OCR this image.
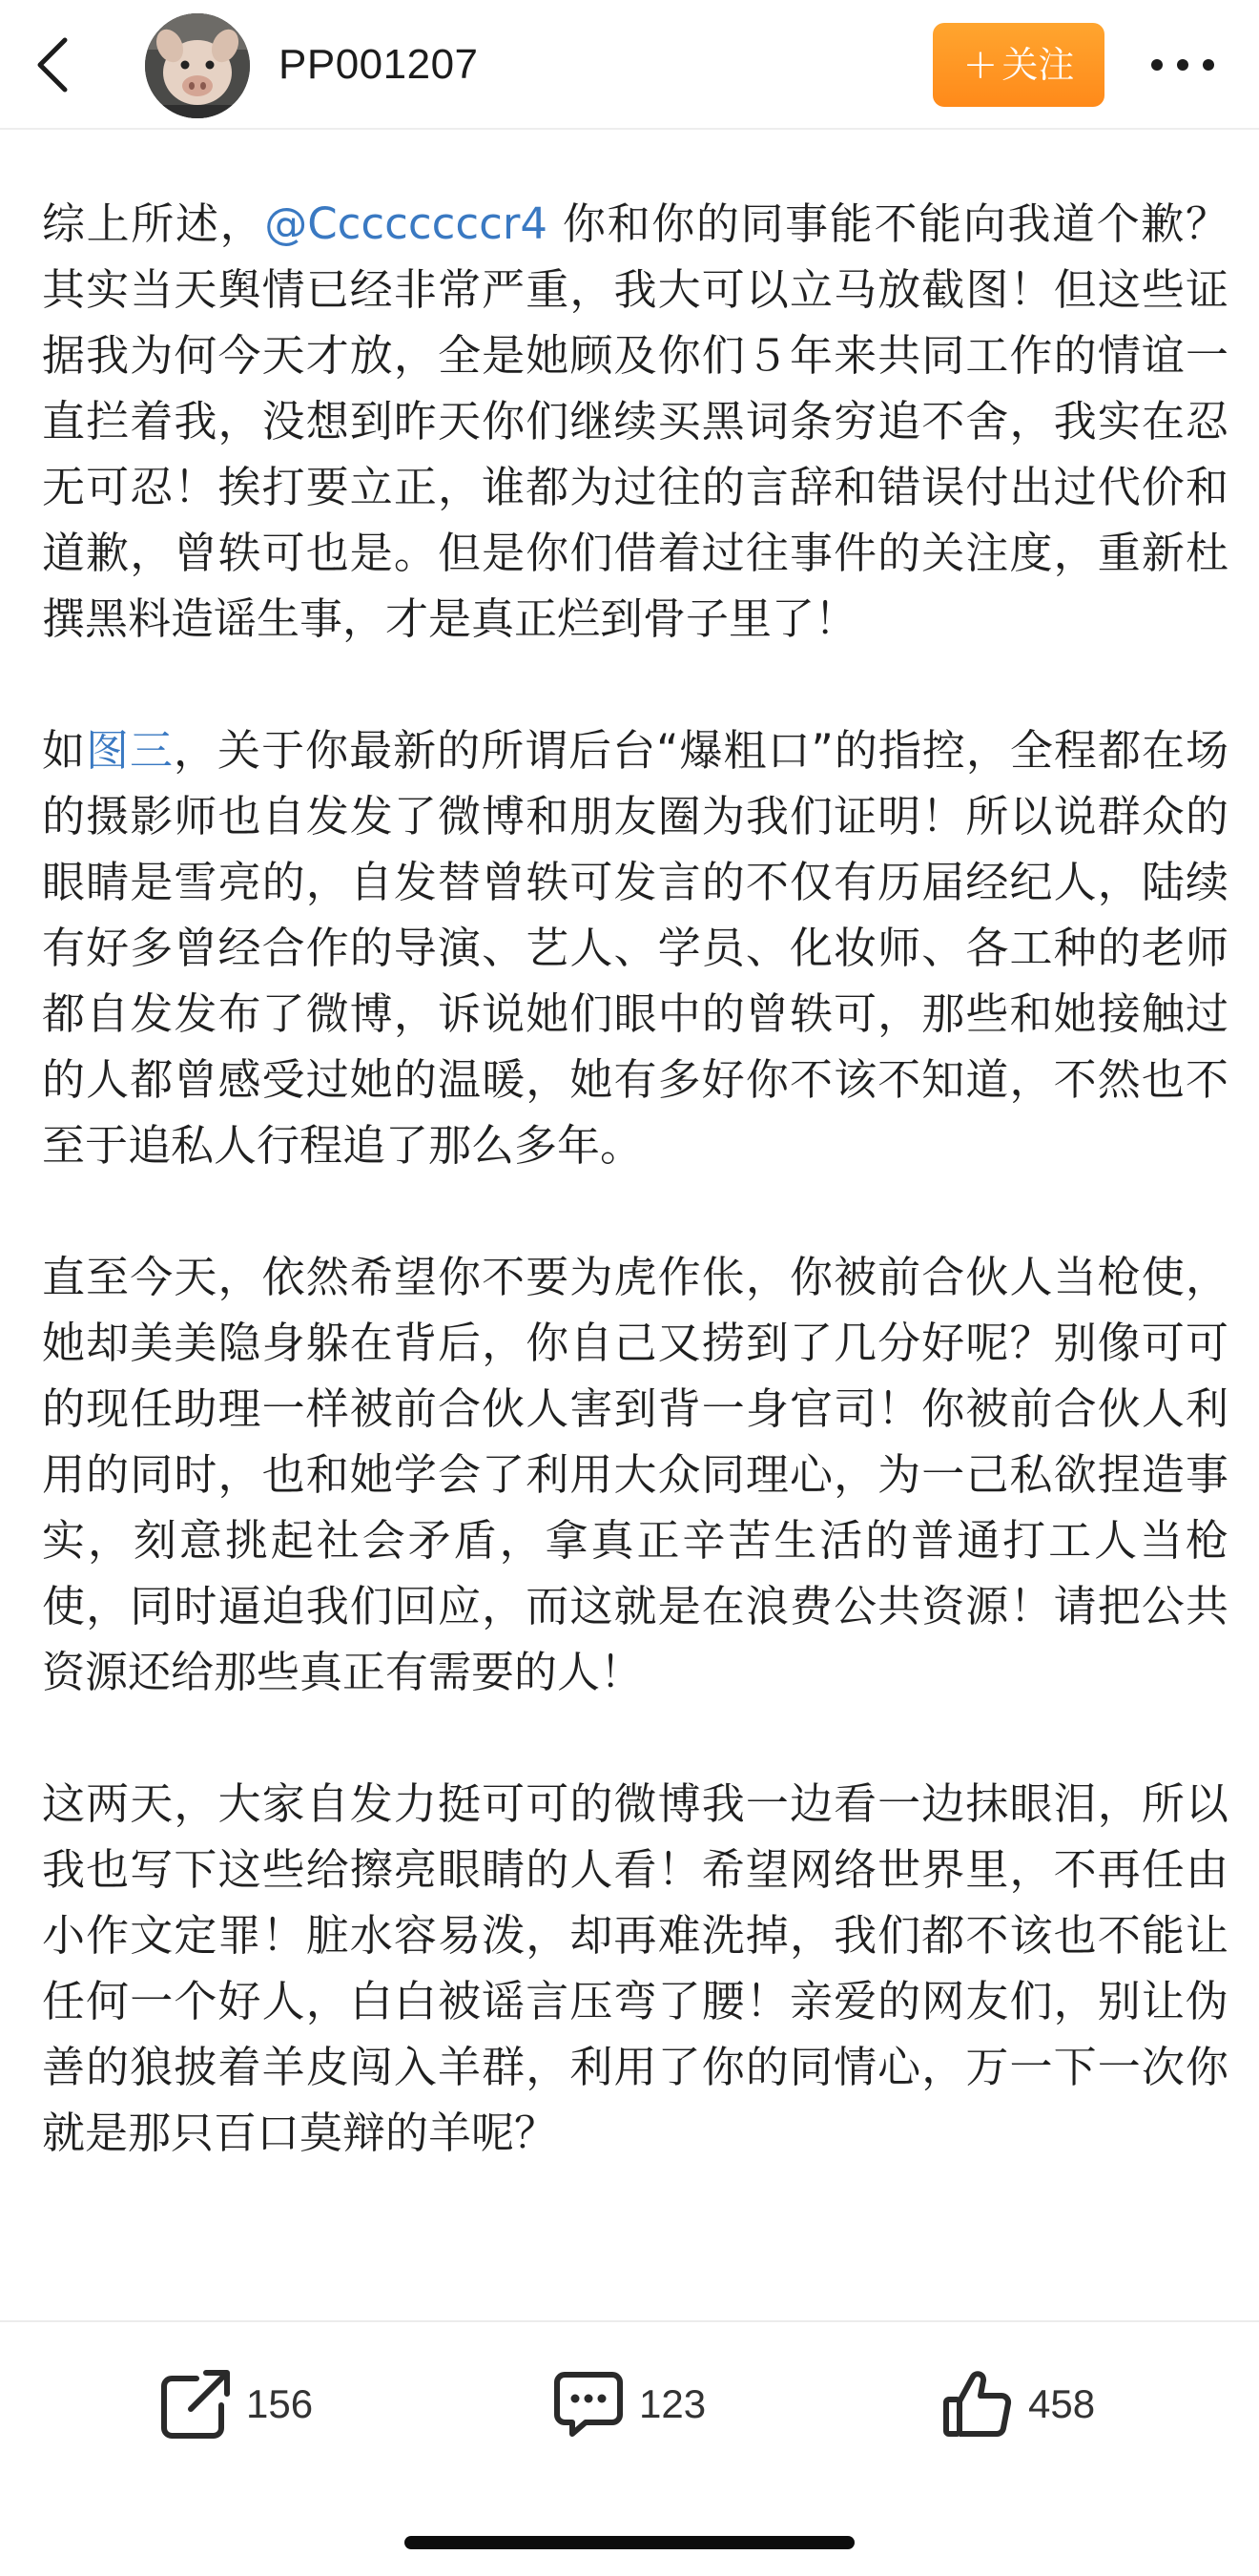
PP001207	+ 关注

综上所述，@Ccccccccr4 你和你的同事能不能向我道个歉？其实当天舆情已经非常严重，我大可以立马放截图！但这些证据我为何今天才放，全是她顾及你们５年来共同工作的情谊一直拦着我，没想到昨天你们继续买黑词条穷追不舍，我实在忍无可忍！挨打要立正，谁都为过往的言辞和错误付出过代价和道歉，曾轶可也是。但是你们借着过往事件的关注度，重新杜撰黑料造谣生事，才是真正烂到骨子里了！

如图三，关于你最新的所谓后台“爆粗口”的指控，全程都在场的摄影师也自发发了微博和朋友圈为我们证明！所以说群众的眼睛是雪亮的，自发替曾轶可发言的不仅有历届经纪人，陆续有好多曾经合作的导演、艺人、学员、化妆师、各工种的老师都自发发布了微博，诉说她们眼中的曾轶可，那些和她接触过的人都曾感受过她的温暖，她有多好你不该不知道，不然也不至于追私人行程追了那么多年。

直至今天，依然希望你不要为虎作伥，你被前合伙人当枪使，她却美美隐身躲在背后，你自己又捞到了几分好呢？别像可可的现任助理一样被前合伙人害到背一身官司！你被前合伙人利用的同时，也和她学会了利用大众同理心，为一己私欲捏造事实，刻意挑起社会矛盾，拿真正辛苦生活的普通打工人当枪使，同时逼迫我们回应，而这就是在浪费公共资源！请把公共资源还给那些真正有需要的人！

这两天，大家自发力挺可可的微博我一边看一边抹眼泪，所以我也写下这些给擦亮眼睛的人看！希望网络世界里，不再任由小作文定罪！脏水容易泼，却再难洗掉，我们都不该也不能让任何一个好人，白白被谣言压弯了腰！亲爱的网友们，别让伪善的狼披着羊皮闯入羊群，利用了你的同情心，万一下一次你就是那只百口莫辩的羊呢？

156	123	458
